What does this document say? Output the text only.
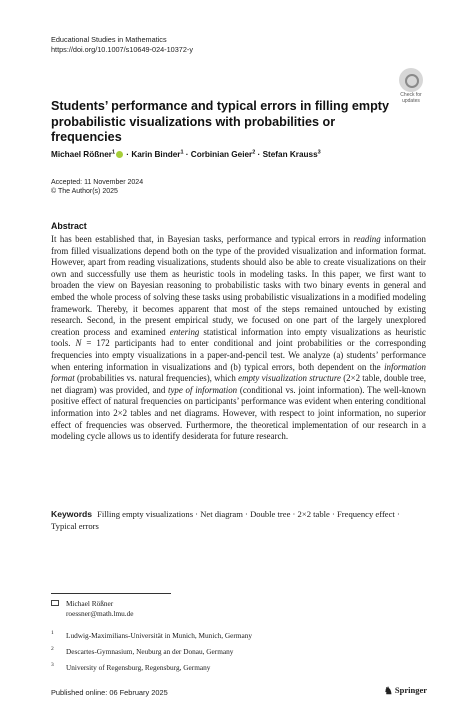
Educational Studies in Mathematics
https://doi.org/10.1007/s10649-024-10372-y
Check for
updates
Students’ performance and typical errors in filling empty probabilistic visualizations with probabilities or frequencies
Michael Rößner$^1$ · Karin Binder$^1$ · Corbinian Geier$^2$ · Stefan Krauss$^3$
Accepted: 11 November 2024
© The Author(s) 2025
Abstract
It has been established that, in Bayesian tasks, performance and typical errors in reading information from filled visualizations depend both on the type of the provided visualization and information format. However, apart from reading visualizations, students should also be able to create visualizations on their own and successfully use them as heuristic tools in modeling tasks. In this paper, we first want to broaden the view on Bayesian reasoning to probabilistic tasks with two binary events in general and embed the whole process of solving these tasks using probabilistic visualizations in a modified modeling framework. Thereby, it becomes apparent that most of the steps remained untouched by existing research. Second, in the present empirical study, we focused on one part of the largely unexplored creation process and examined entering statistical information into empty visualizations as heuristic tools. N = 172 participants had to enter conditional and joint probabilities or the corresponding frequencies into empty visualizations in a paper-and-pencil test. We analyze (a) students’ performance when entering information in visualizations and (b) typical errors, both dependent on the information format (probabilities vs. natural frequencies), which empty visualization structure (2×2 table, double tree, net diagram) was provided, and type of information (conditional vs. joint information). The well-known positive effect of natural frequencies on participants’ performance was evident when entering conditional information into 2×2 tables and net diagrams. However, with respect to joint information, no superior effect of frequencies was observed. Furthermore, the theoretical implementation of our research in a modeling cycle allows us to identify desiderata for future research.
Keywords Filling empty visualizations · Net diagram · Double tree · 2×2 table · Frequency effect · Typical errors
Michael Rößner
roessner@math.lmu.de
1 Ludwig-Maximilians-Universität in Munich, Munich, Germany
2 Descartes-Gymnasium, Neuburg an der Donau, Germany
3 University of Regensburg, Regensburg, Germany
Published online: 06 February 2025	♞ Springer
